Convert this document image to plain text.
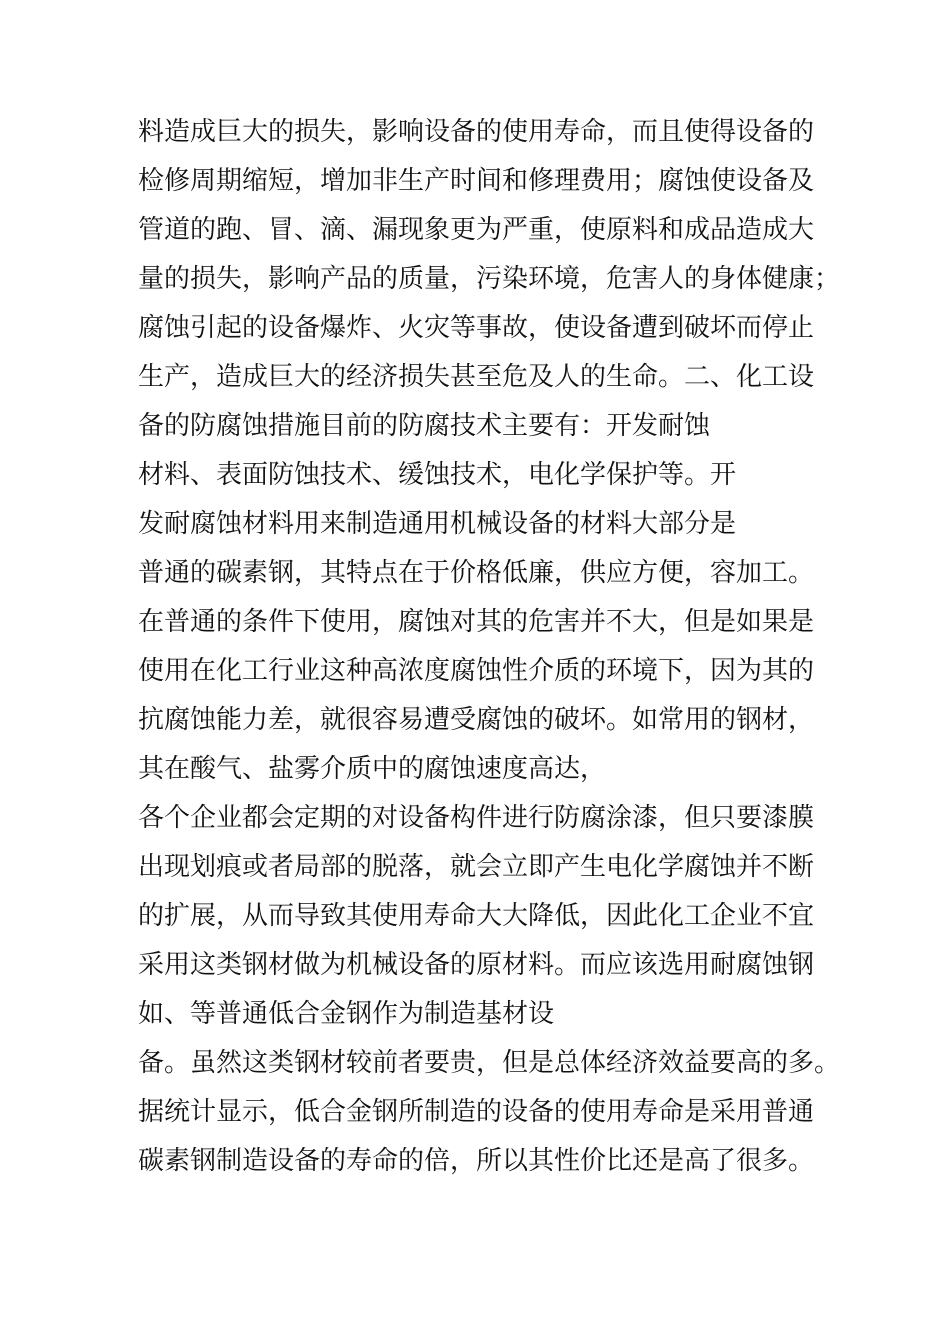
料造成巨大的损失，影响设备的使用寿命，而且使得设备的
检修周期缩短，增加非生产时间和修理费用；腐蚀使设备及
管道的跑、冒、滴、漏现象更为严重，使原料和成品造成大
量的损失，影响产品的质量，污染环境，危害人的身体健康；
腐蚀引起的设备爆炸、火灾等事故，使设备遭到破坏而停止
生产，造成巨大的经济损失甚至危及人的生命。二、化工设
备的防腐蚀措施目前的防腐技术主要有：开发耐蚀
材料、表面防蚀技术、缓蚀技术，电化学保护等。开
发耐腐蚀材料用来制造通用机械设备的材料大部分是
普通的碳素钢，其特点在于价格低廉，供应方便，容加工。
在普通的条件下使用，腐蚀对其的危害并不大，但是如果是
使用在化工行业这种高浓度腐蚀性介质的环境下，因为其的
抗腐蚀能力差，就很容易遭受腐蚀的破坏。如常用的钢材，
其在酸气、盐雾介质中的腐蚀速度高达，
各个企业都会定期的对设备构件进行防腐涂漆，但只要漆膜
出现划痕或者局部的脱落，就会立即产生电化学腐蚀并不断
的扩展，从而导致其使用寿命大大降低，因此化工企业不宜
采用这类钢材做为机械设备的原材料。而应该选用耐腐蚀钢
如、等普通低合金钢作为制造基材设
备。虽然这类钢材较前者要贵，但是总体经济效益要高的多。
据统计显示，低合金钢所制造的设备的使用寿命是采用普通
碳素钢制造设备的寿命的倍，所以其性价比还是高了很多。
